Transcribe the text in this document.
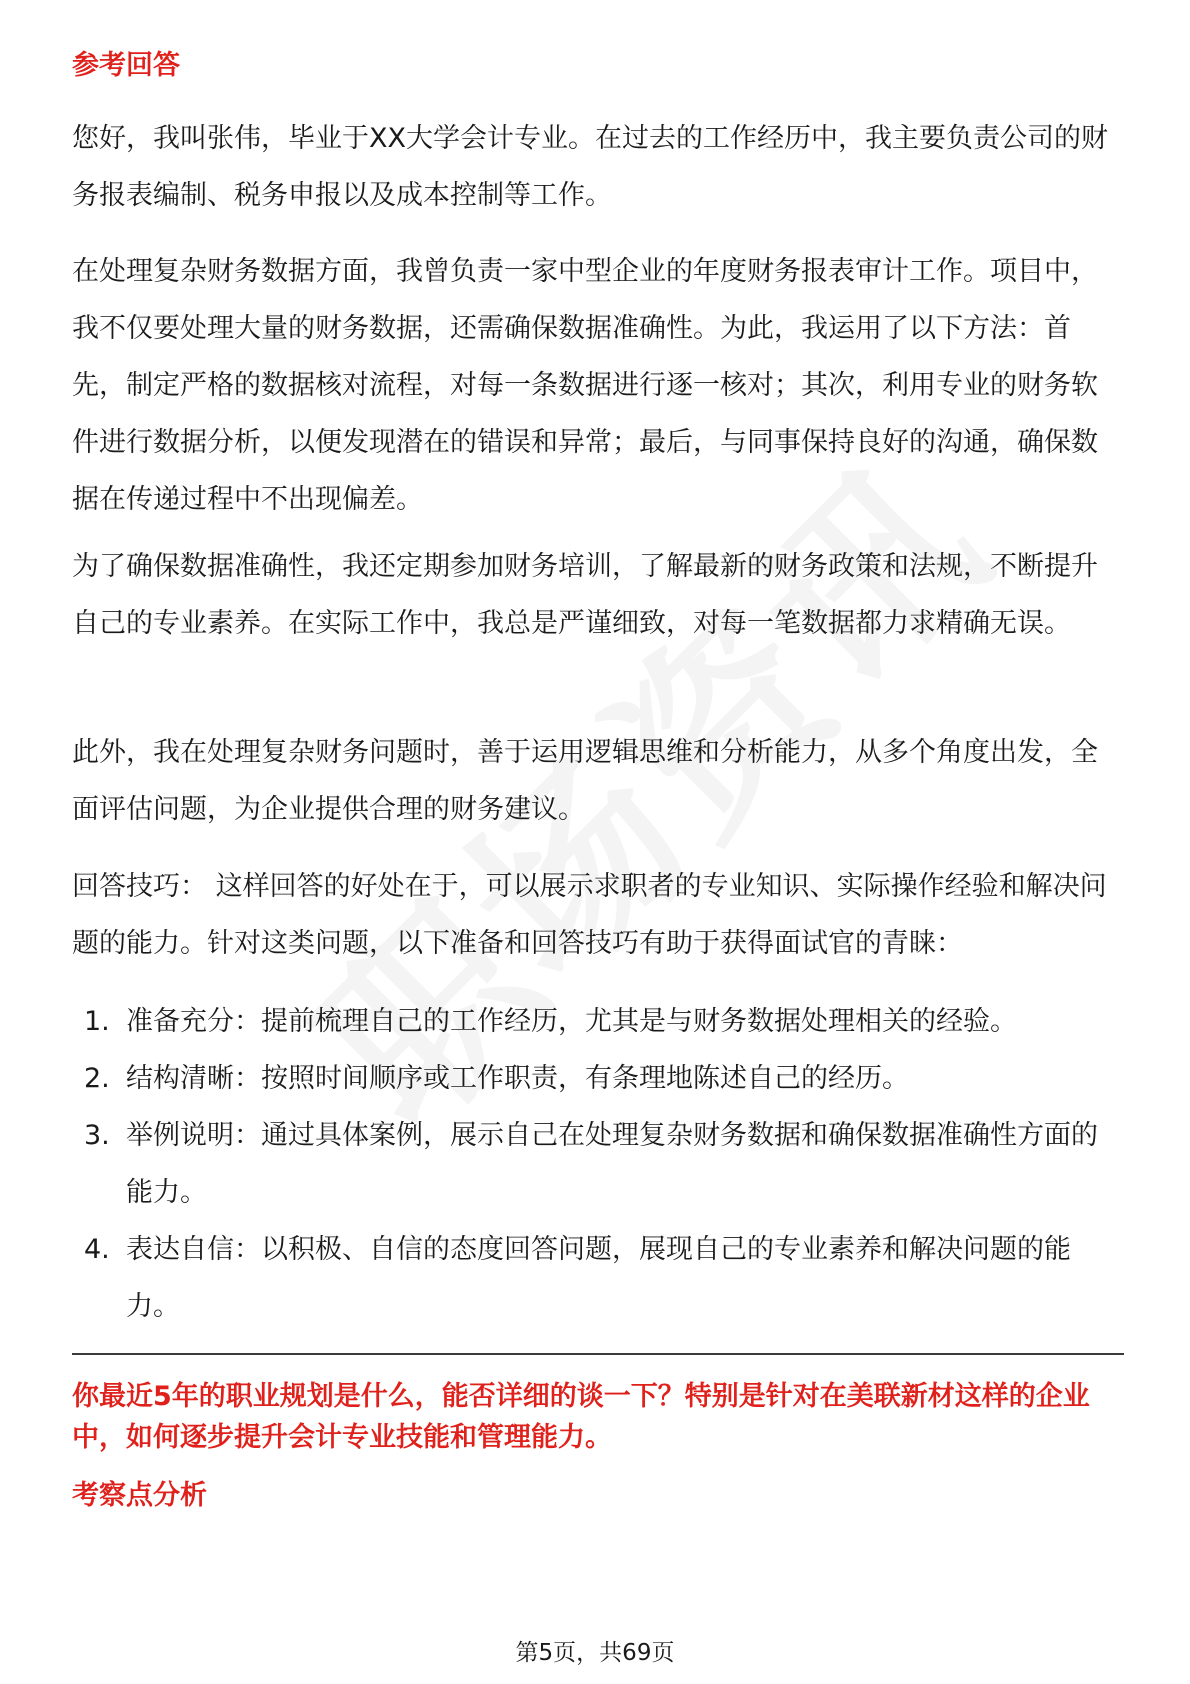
参考回答

您好，我叫张伟，毕业于XX大学会计专业。在过去的工作经历中，我主要负责公司的财务报表编制、税务申报以及成本控制等工作。

在处理复杂财务数据方面，我曾负责一家中型企业的年度财务报表审计工作。项目中，我不仅要处理大量的财务数据，还需确保数据准确性。为此，我运用了以下方法：首先，制定严格的数据核对流程，对每一条数据进行逐一核对；其次，利用专业的财务软件进行数据分析，以便发现潜在的错误和异常；最后，与同事保持良好的沟通，确保数据在传递过程中不出现偏差。

为了确保数据准确性，我还定期参加财务培训，了解最新的财务政策和法规，不断提升自己的专业素养。在实际工作中，我总是严谨细致，对每一笔数据都力求精确无误。

此外，我在处理复杂财务问题时，善于运用逻辑思维和分析能力，从多个角度出发，全面评估问题，为企业提供合理的财务建议。

回答技巧： 这样回答的好处在于，可以展示求职者的专业知识、实际操作经验和解决问题的能力。针对这类问题，以下准备和回答技巧有助于获得面试官的青睐：

1. 准备充分：提前梳理自己的工作经历，尤其是与财务数据处理相关的经验。
2. 结构清晰：按照时间顺序或工作职责，有条理地陈述自己的经历。
3. 举例说明：通过具体案例，展示自己在处理复杂财务数据和确保数据准确性方面的能力。
4. 表达自信：以积极、自信的态度回答问题，展现自己的专业素养和解决问题的能力。

你最近5年的职业规划是什么，能否详细的谈一下？特别是针对在美联新材这样的企业中，如何逐步提升会计专业技能和管理能力。

考察点分析
第5页，共69页
